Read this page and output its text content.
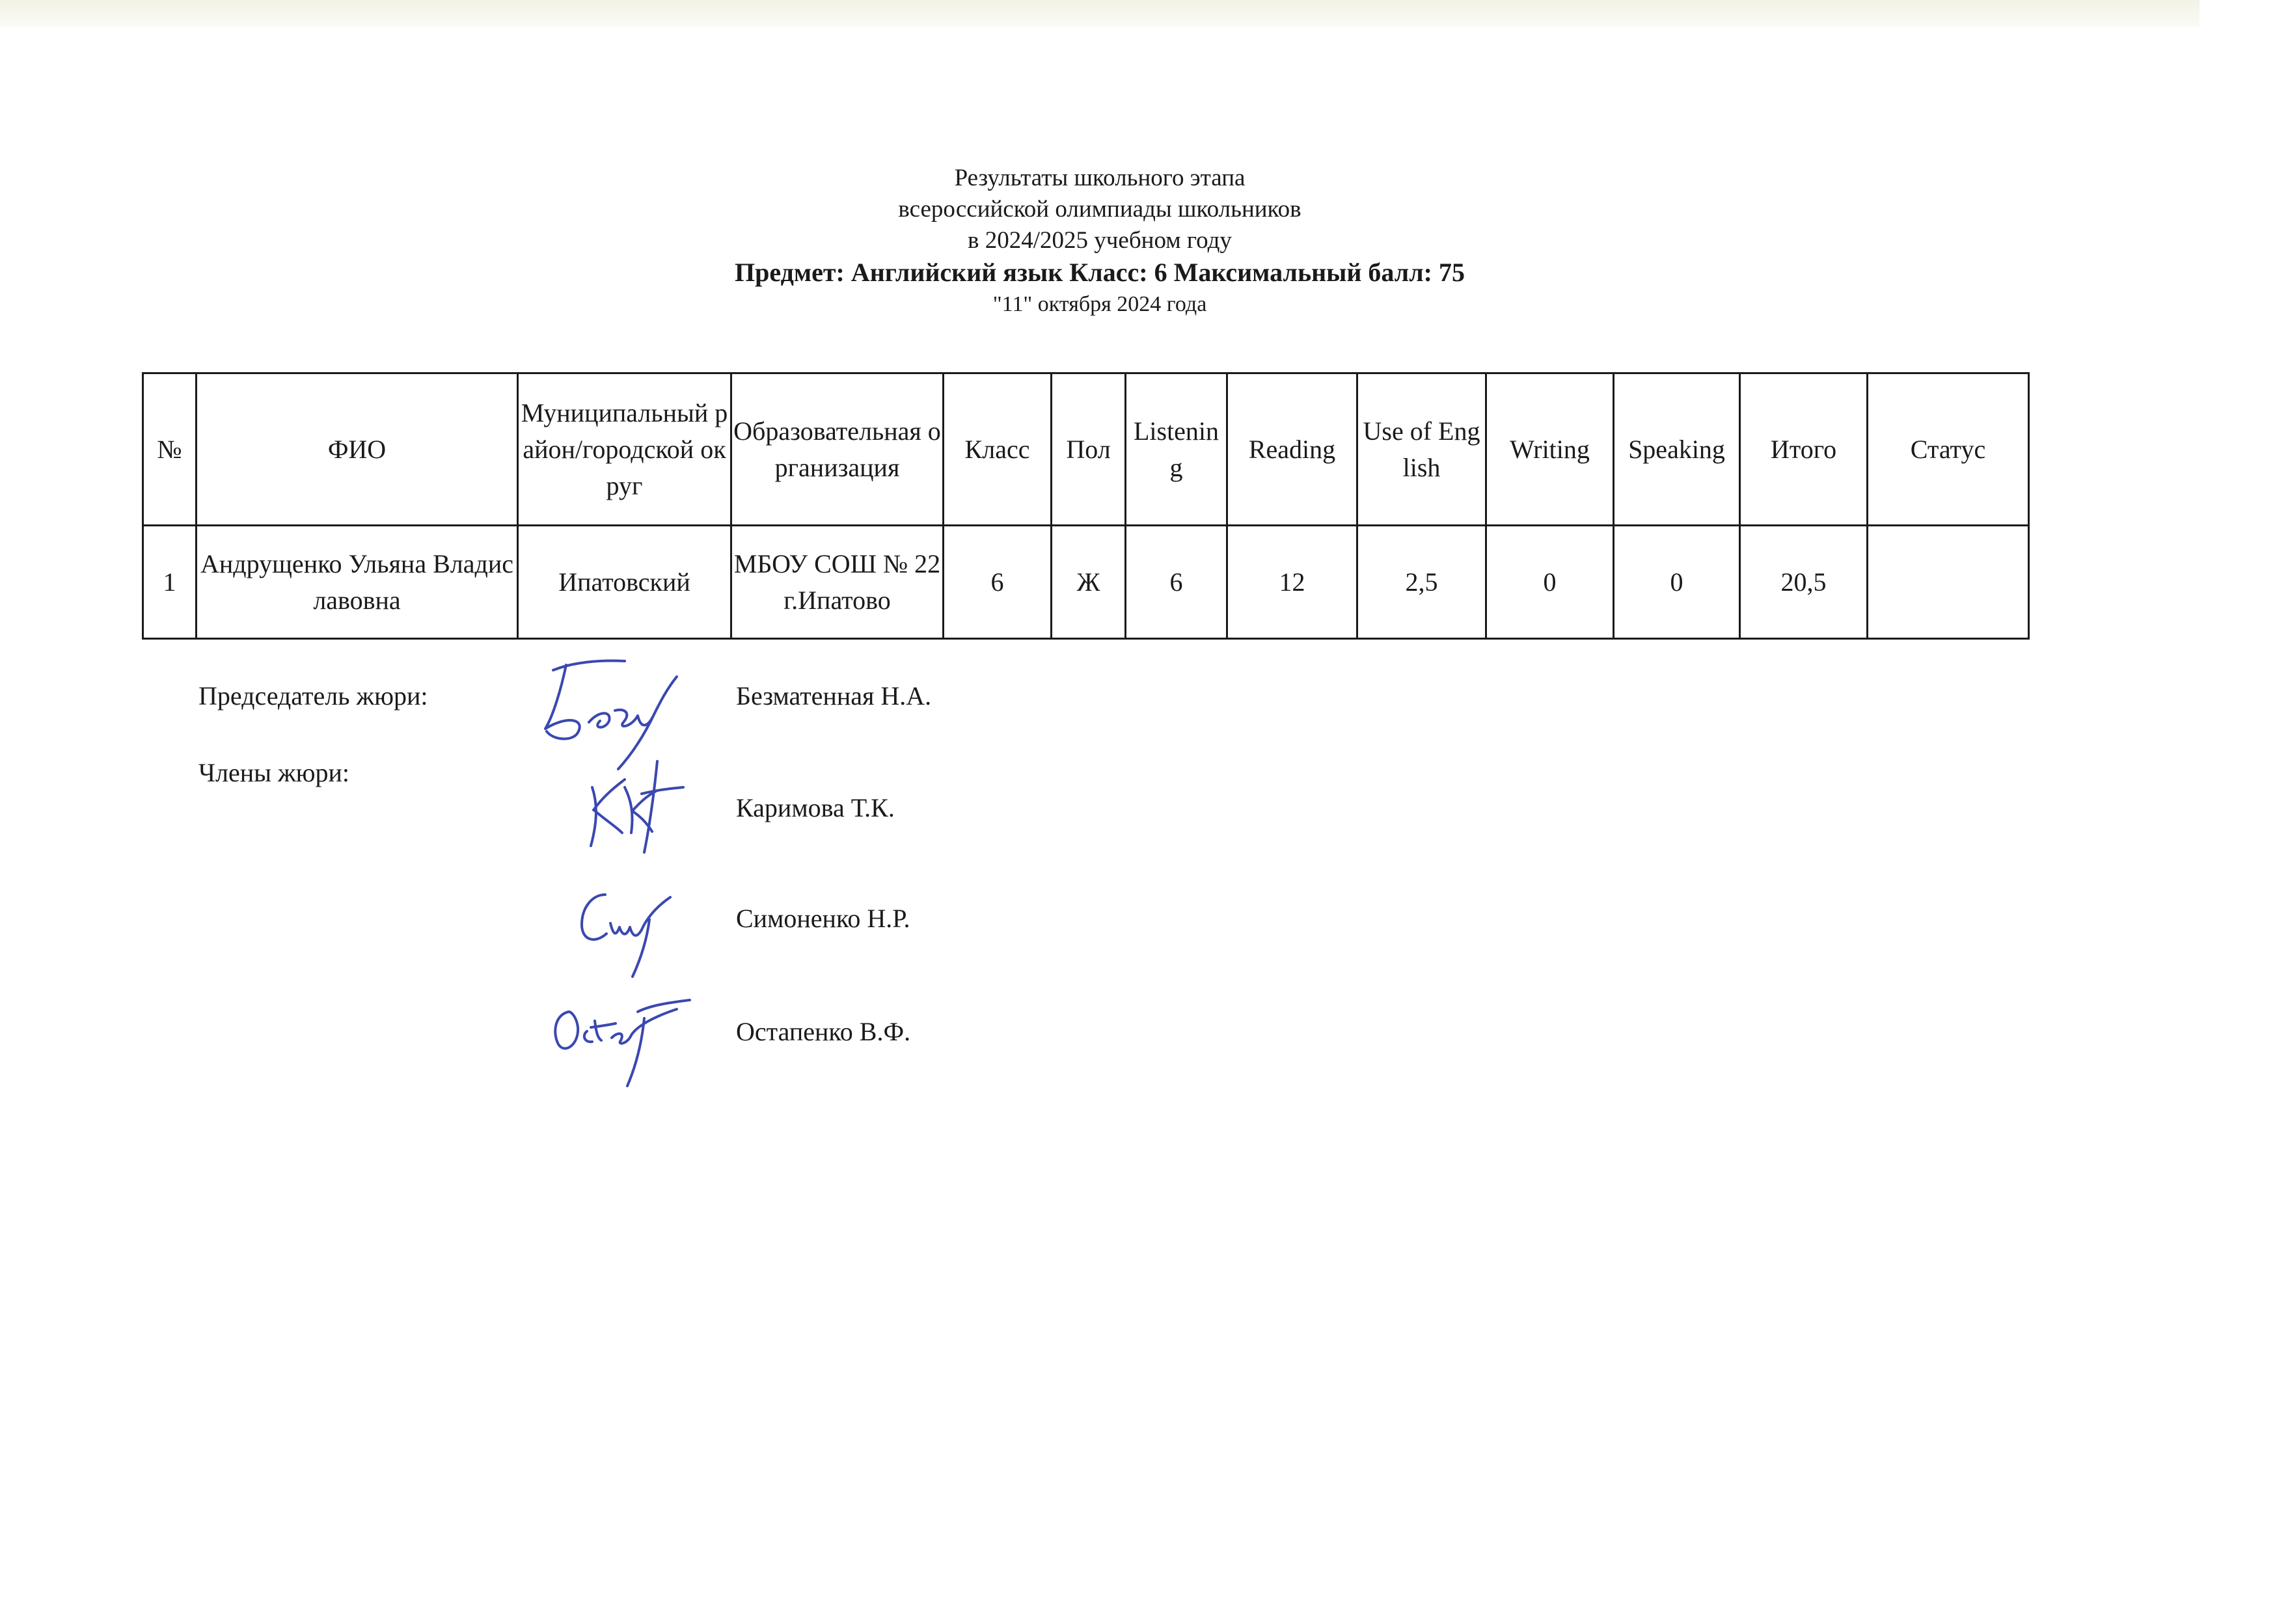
Результаты школьного этапа
всероссийской олимпиады школьников
в 2024/2025 учебном году
Предмет: Английский язык Класс: 6 Максимальный балл: 75
"11" октября 2024 года
№	ФИО	Муниципальный район/городской округ	Образовательная организация	Класс	Пол	Listening	Reading	Use of English	Writing	Speaking	Итого	Статус
1	Андрущенко Ульяна Владиславовна	Ипатовский	МБОУ СОШ № 22 г.Ипатово	6	Ж	6	12	2,5	0	0	20,5	
Председатель жюри:
Члены жюри:
Безматенная Н.А.
Каримова Т.К.
Симоненко Н.Р.
Остапенко В.Ф.
